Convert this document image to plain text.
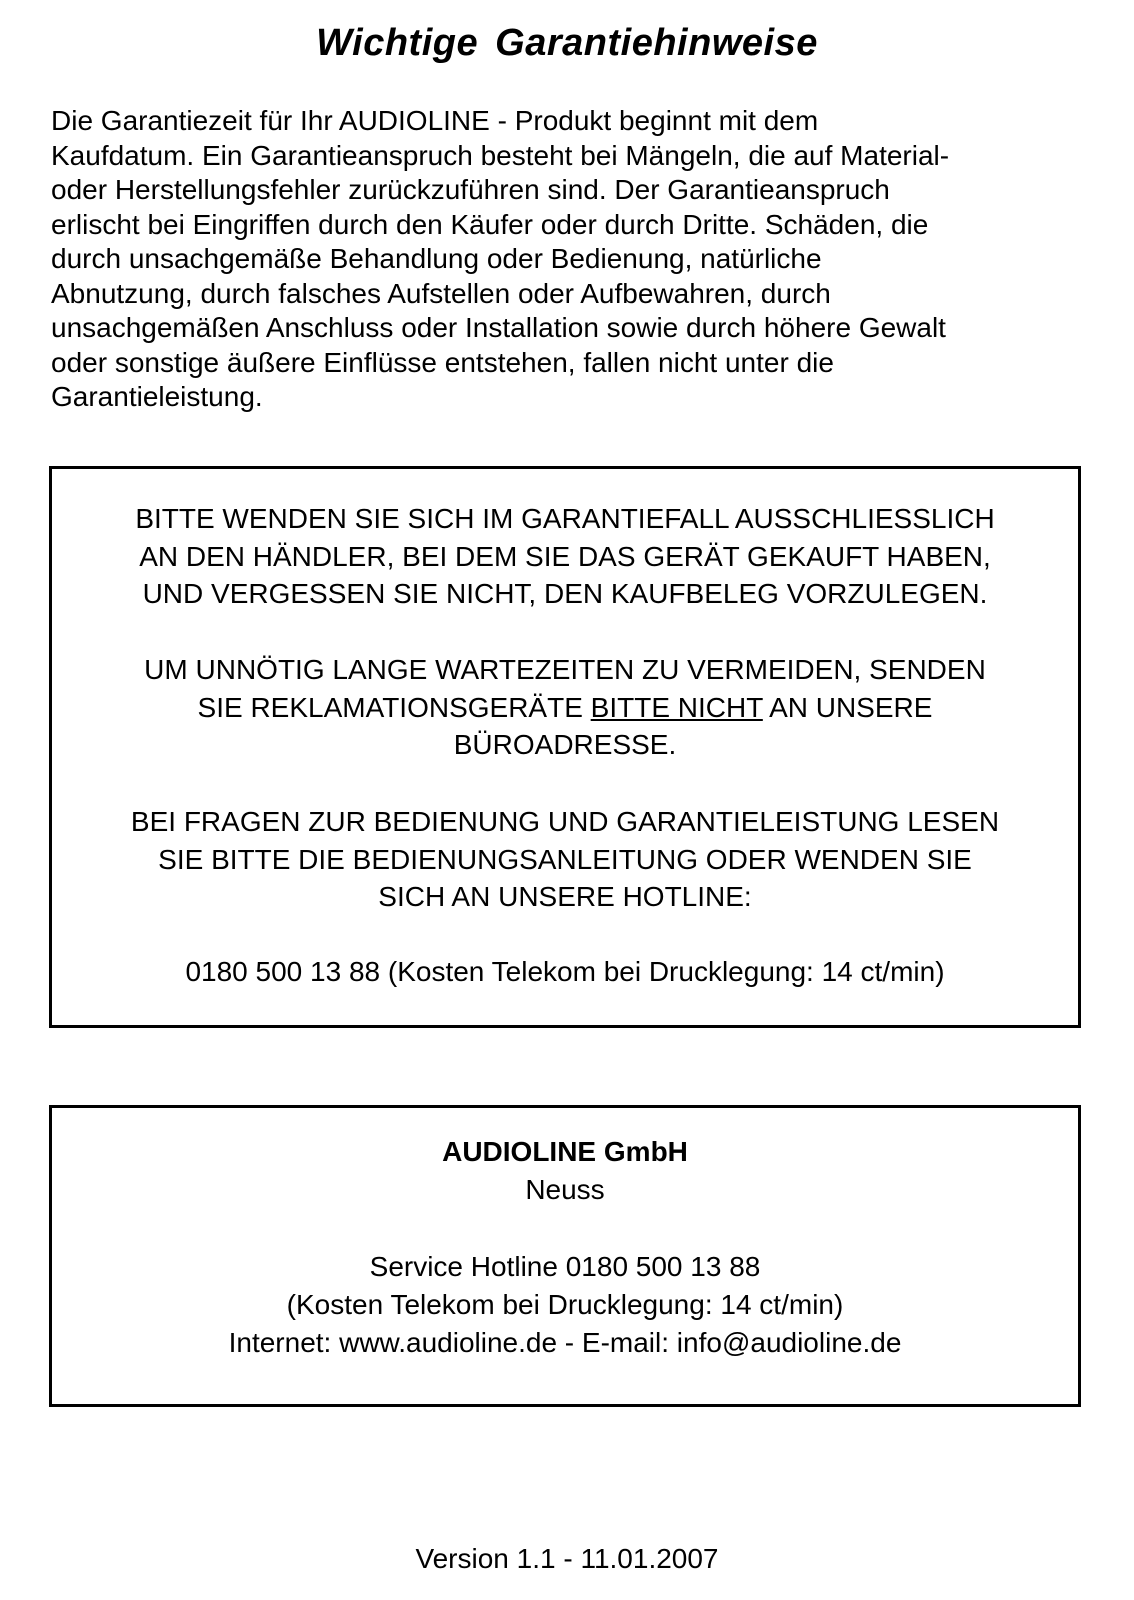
Wichtige Garantiehinweise
Die Garantiezeit für Ihr AUDIOLINE - Produkt beginnt mit dem
Kaufdatum. Ein Garantieanspruch besteht bei Mängeln, die auf Material-
oder Herstellungsfehler zurückzuführen sind. Der Garantieanspruch
erlischt bei Eingriffen durch den Käufer oder durch Dritte. Schäden, die
durch unsachgemäße Behandlung oder Bedienung, natürliche
Abnutzung, durch falsches Aufstellen oder Aufbewahren, durch
unsachgemäßen Anschluss oder Installation sowie durch höhere Gewalt
oder sonstige äußere Einflüsse entstehen, fallen nicht unter die
Garantieleistung.
BITTE WENDEN SIE SICH IM GARANTIEFALL AUSSCHLIESSLICH
AN DEN HÄNDLER, BEI DEM SIE DAS GERÄT GEKAUFT HABEN,
UND VERGESSEN SIE NICHT, DEN KAUFBELEG VORZULEGEN.
UM UNNÖTIG LANGE WARTEZEITEN ZU VERMEIDEN, SENDEN
SIE REKLAMATIONSGERÄTE BITTE NICHT AN UNSERE
BÜROADRESSE.
BEI FRAGEN ZUR BEDIENUNG UND GARANTIELEISTUNG LESEN
SIE BITTE DIE BEDIENUNGSANLEITUNG ODER WENDEN SIE
SICH AN UNSERE HOTLINE:
0180 500 13 88 (Kosten Telekom bei Drucklegung: 14 ct/min)
AUDIOLINE GmbH
Neuss
Service Hotline 0180 500 13 88
(Kosten Telekom bei Drucklegung: 14 ct/min)
Internet: www.audioline.de - E-mail: info@audioline.de
Version 1.1 - 11.01.2007
